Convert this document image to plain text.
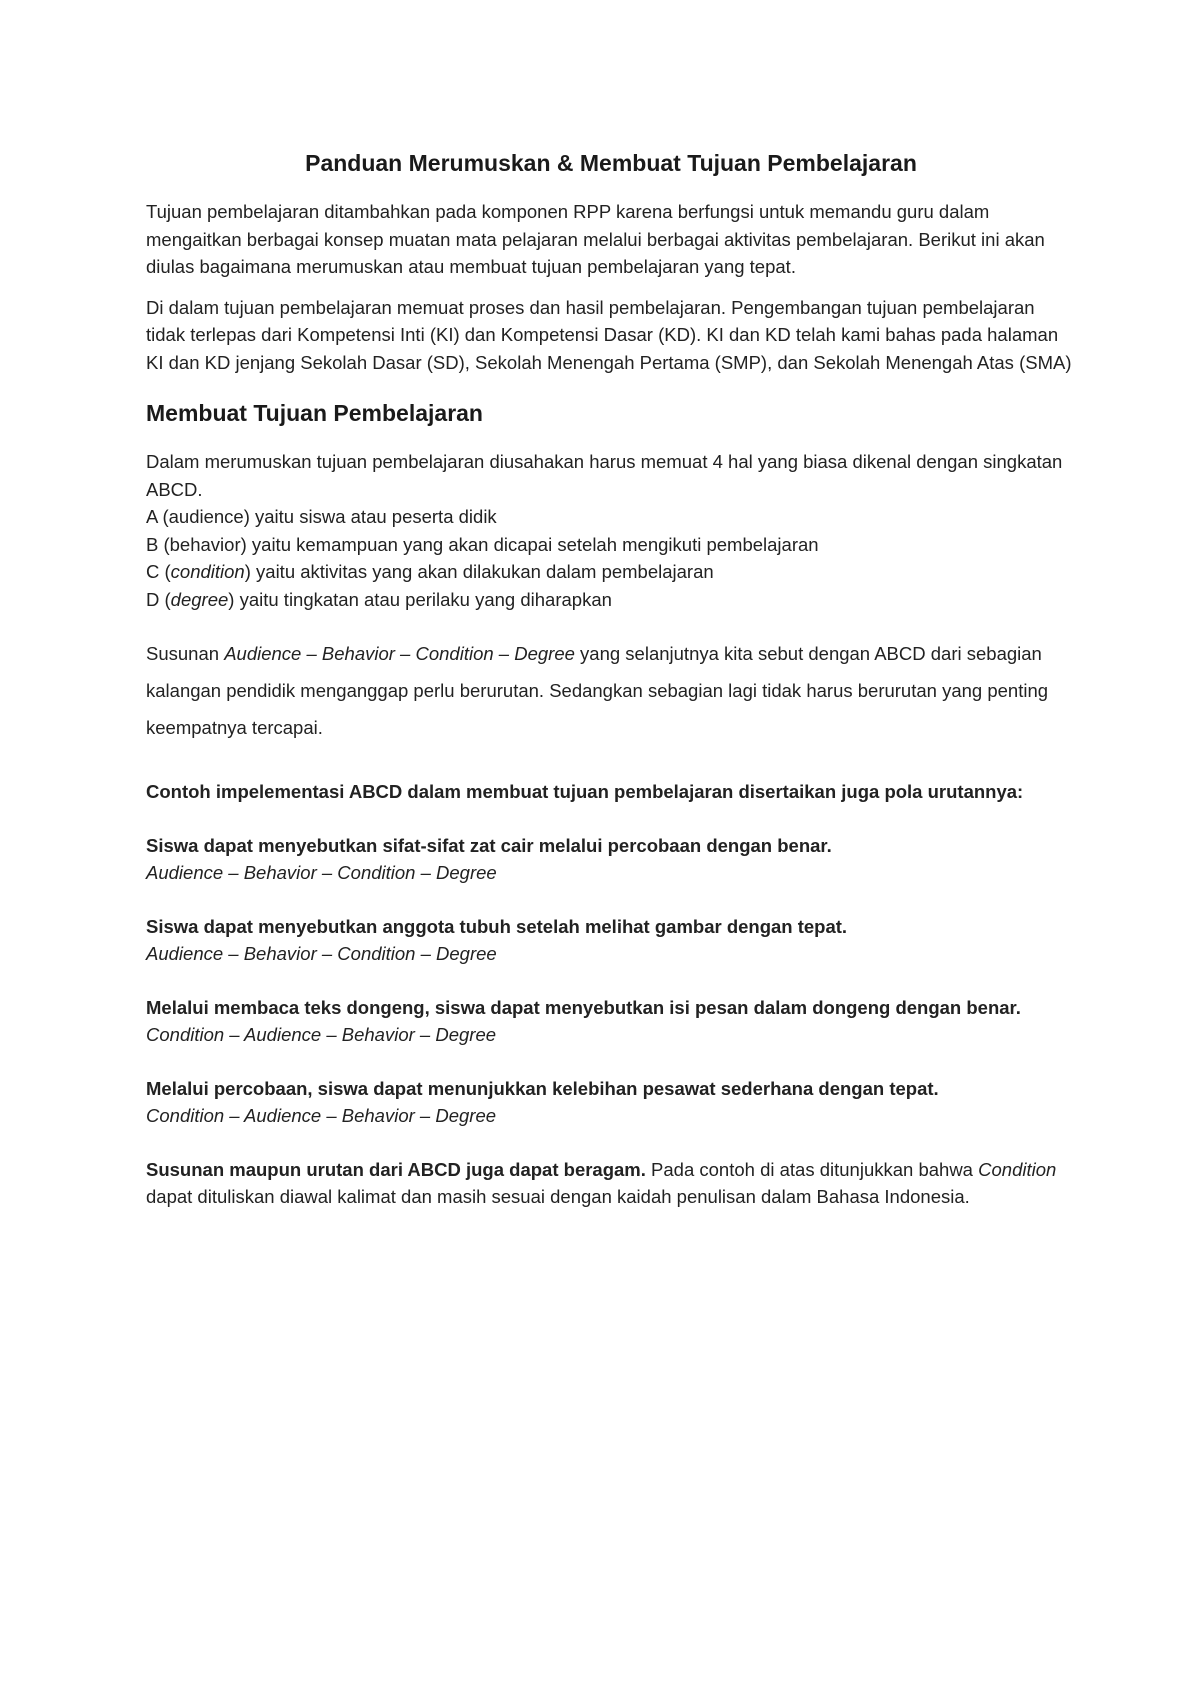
Panduan Merumuskan & Membuat Tujuan Pembelajaran

Tujuan pembelajaran ditambahkan pada komponen RPP karena berfungsi untuk memandu guru dalam mengaitkan berbagai konsep muatan mata pelajaran melalui berbagai aktivitas pembelajaran. Berikut ini akan diulas bagaimana merumuskan atau membuat tujuan pembelajaran yang tepat.

Di dalam tujuan pembelajaran memuat proses dan hasil pembelajaran. Pengembangan tujuan pembelajaran tidak terlepas dari Kompetensi Inti (KI) dan Kompetensi Dasar (KD). KI dan KD telah kami bahas pada halaman KI dan KD jenjang Sekolah Dasar (SD), Sekolah Menengah Pertama (SMP), dan Sekolah Menengah Atas (SMA)

Membuat Tujuan Pembelajaran

Dalam merumuskan tujuan pembelajaran diusahakan harus memuat 4 hal yang biasa dikenal dengan singkatan ABCD.
A (audience) yaitu siswa atau peserta didik
B (behavior) yaitu kemampuan yang akan dicapai setelah mengikuti pembelajaran
C (condition) yaitu aktivitas yang akan dilakukan dalam pembelajaran
D (degree) yaitu tingkatan atau perilaku yang diharapkan

Susunan Audience – Behavior – Condition – Degree yang selanjutnya kita sebut dengan ABCD dari sebagian kalangan pendidik menganggap perlu berurutan. Sedangkan sebagian lagi tidak harus berurutan yang penting keempatnya tercapai.

Contoh impelementasi ABCD dalam membuat tujuan pembelajaran disertaikan juga pola urutannya:

Siswa dapat menyebutkan sifat-sifat zat cair melalui percobaan dengan benar.
Audience – Behavior – Condition – Degree
Siswa dapat menyebutkan anggota tubuh setelah melihat gambar dengan tepat.
Audience – Behavior – Condition – Degree
Melalui membaca teks dongeng, siswa dapat menyebutkan isi pesan dalam dongeng dengan benar.
Condition – Audience – Behavior – Degree
Melalui percobaan, siswa dapat menunjukkan kelebihan pesawat sederhana dengan tepat.
Condition – Audience – Behavior – Degree

Susunan maupun urutan dari ABCD juga dapat beragam. Pada contoh di atas ditunjukkan bahwa Condition dapat dituliskan diawal kalimat dan masih sesuai dengan kaidah penulisan dalam Bahasa Indonesia.
